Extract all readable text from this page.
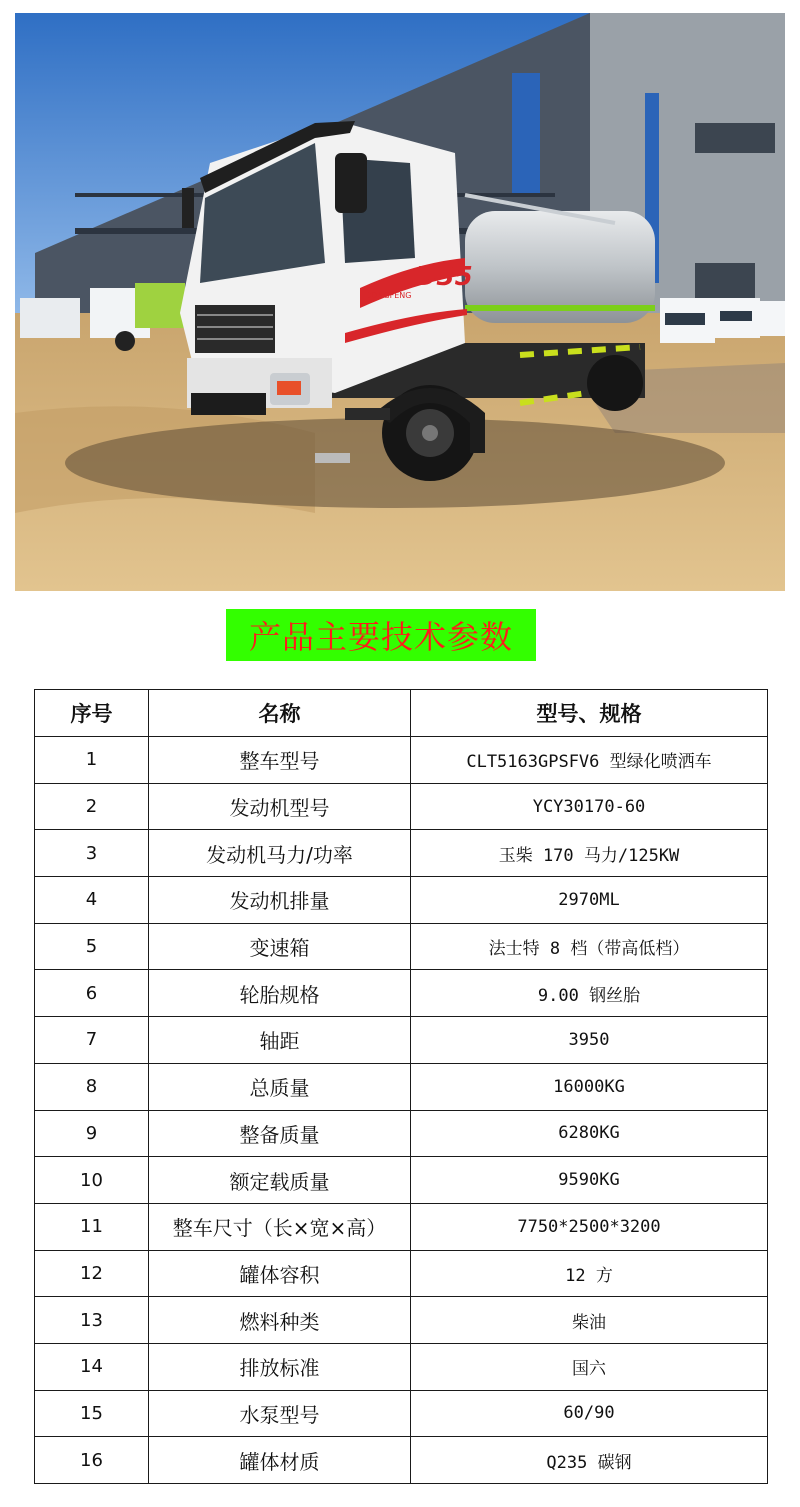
D35
DONGFENG
产品主要技术参数
序号	名称	型号、规格
1	整车型号	CLT5163GPSFV6 型绿化喷洒车
2	发动机型号	YCY30170-60
3	发动机马力/功率	玉柴 170 马力/125KW
4	发动机排量	2970ML
5	变速箱	法士特 8 档（带高低档）
6	轮胎规格	9.00 钢丝胎
7	轴距	3950
8	总质量	16000KG
9	整备质量	6280KG
10	额定载质量	9590KG
11	整车尺寸（长×宽×高）	7750*2500*3200
12	罐体容积	12 方
13	燃料种类	柴油
14	排放标准	国六
15	水泵型号	60/90
16	罐体材质	Q235 碳钢
